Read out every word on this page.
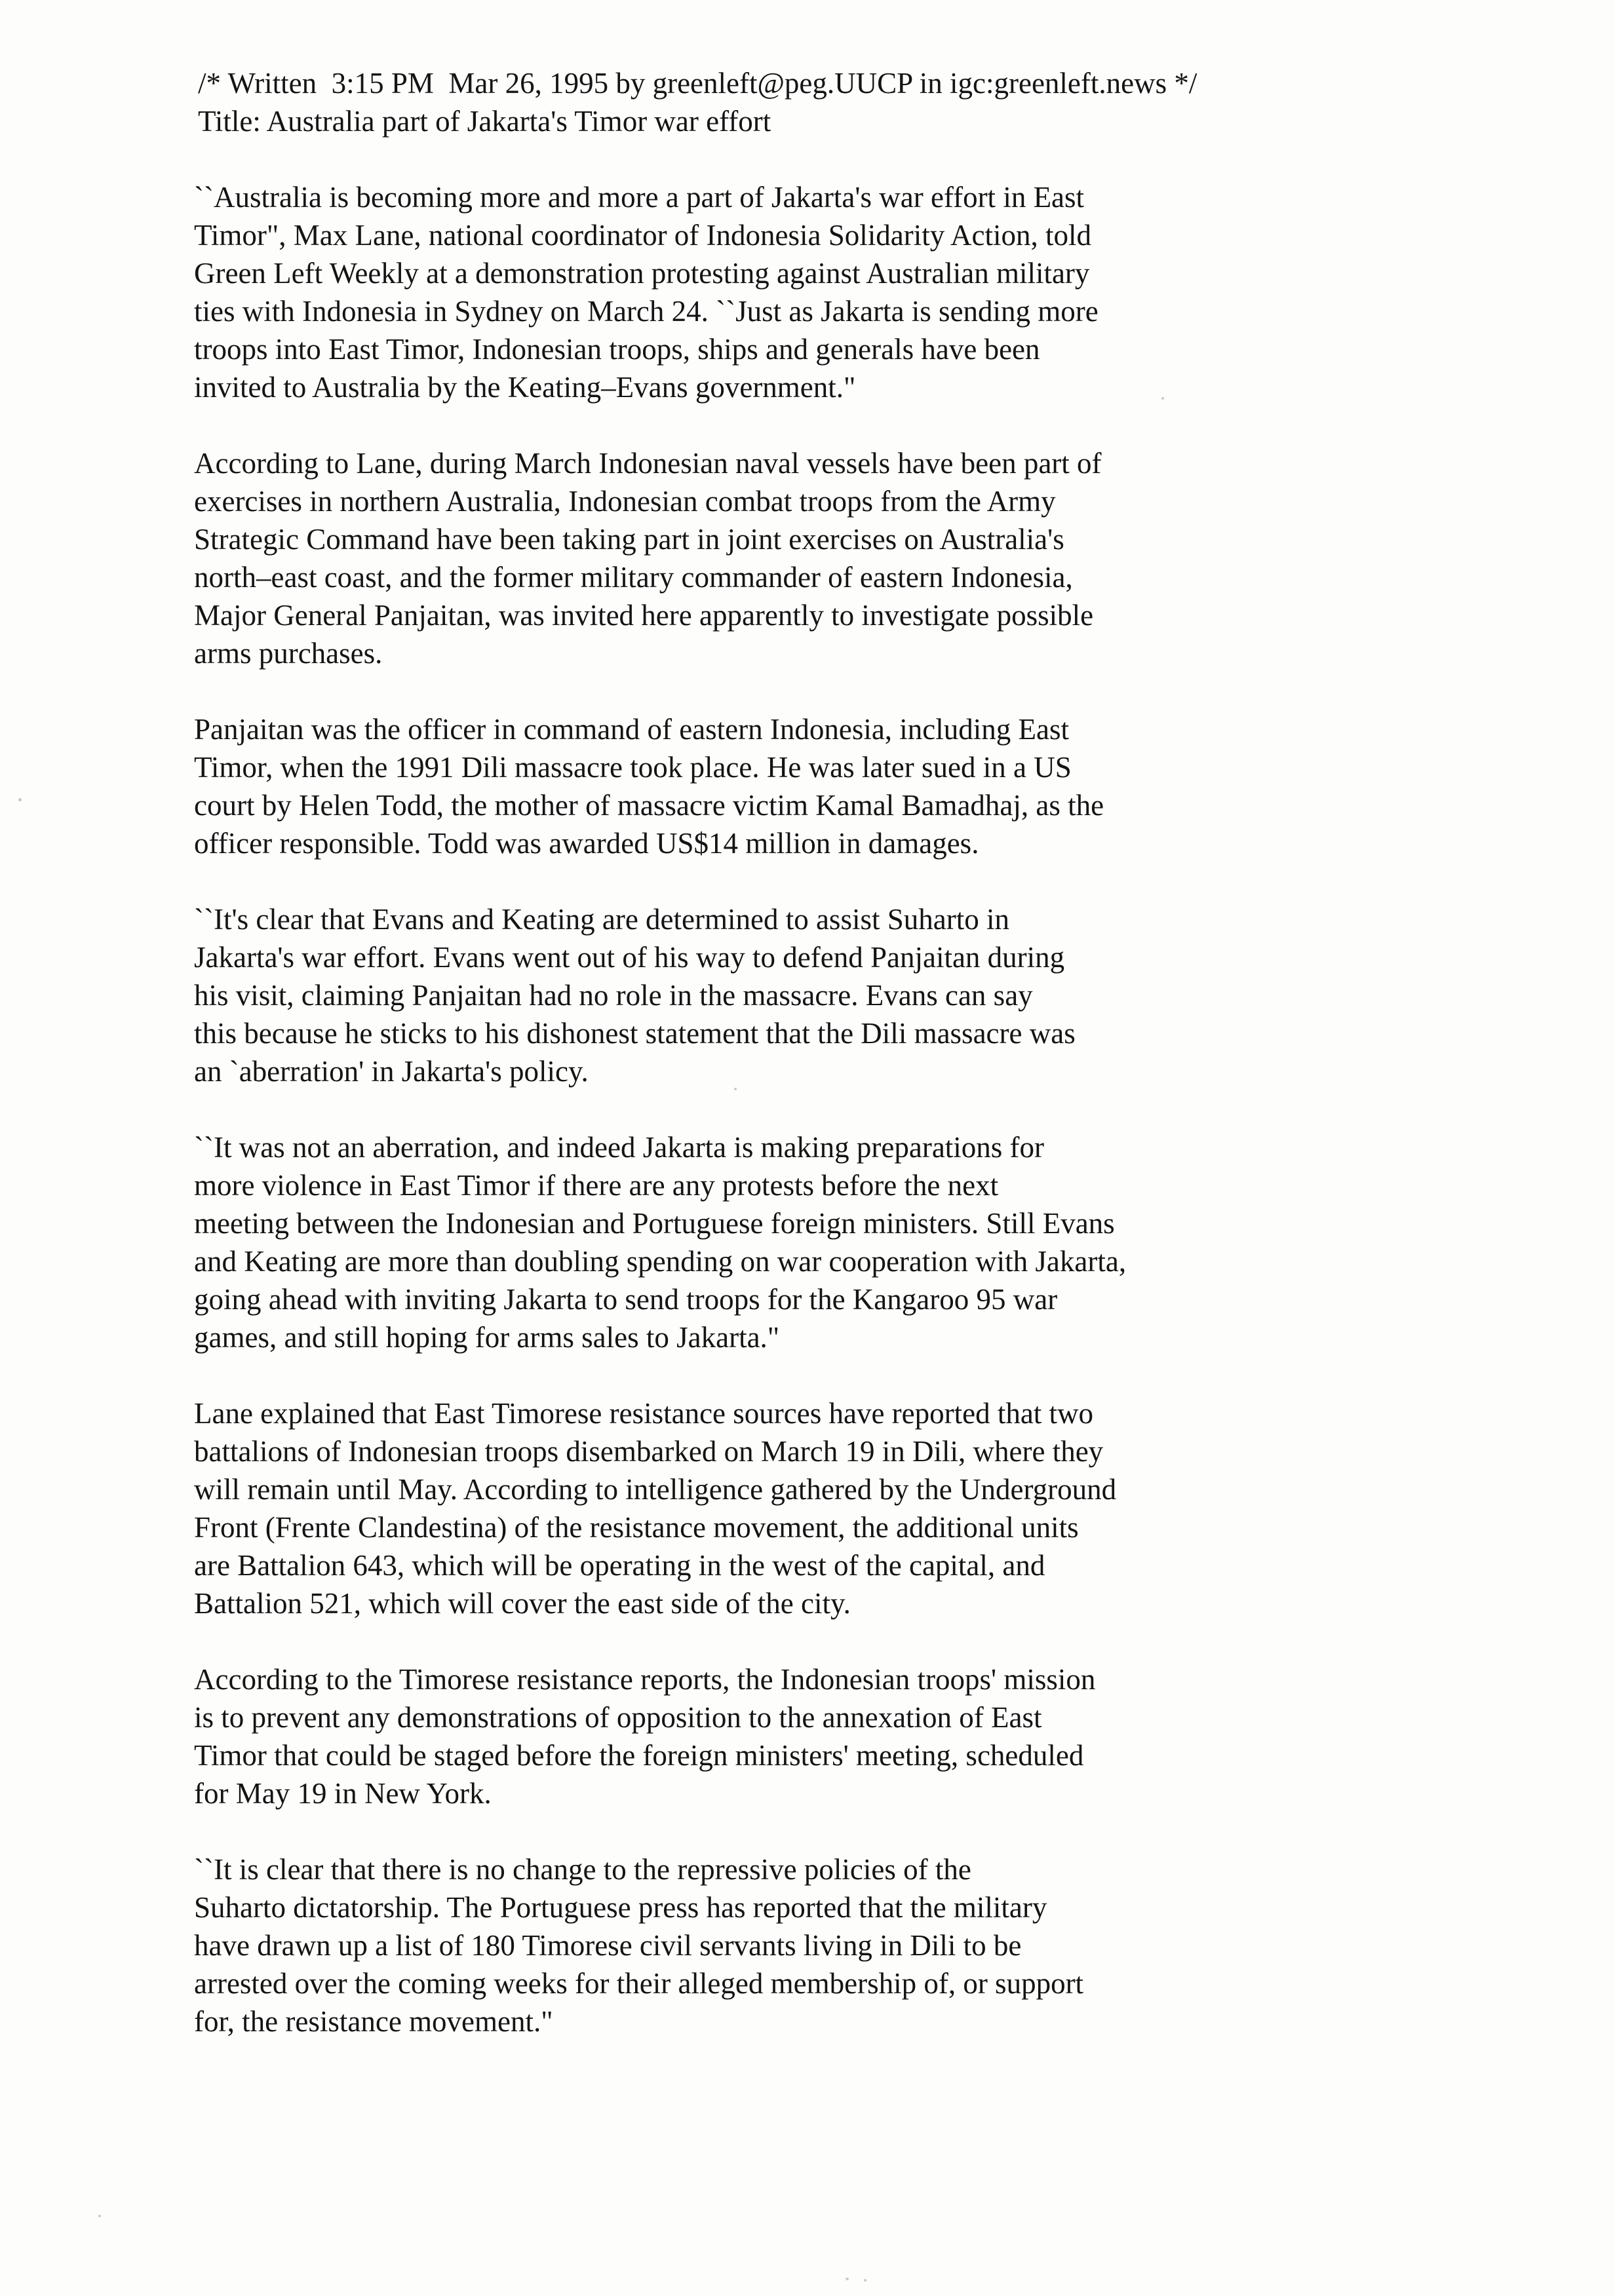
/* Written  3:15 PM  Mar 26, 1995 by greenleft@peg.UUCP in igc:greenleft.news */
Title: Australia part of Jakarta's Timor war effort

``Australia is becoming more and more a part of Jakarta's war effort in East
Timor", Max Lane, national coordinator of Indonesia Solidarity Action, told
Green Left Weekly at a demonstration protesting against Australian military
ties with Indonesia in Sydney on March 24. ``Just as Jakarta is sending more
troops into East Timor, Indonesian troops, ships and generals have been
invited to Australia by the Keating–Evans government."

According to Lane, during March Indonesian naval vessels have been part of
exercises in northern Australia, Indonesian combat troops from the Army
Strategic Command have been taking part in joint exercises on Australia's
north–east coast, and the former military commander of eastern Indonesia,
Major General Panjaitan, was invited here apparently to investigate possible
arms purchases.

Panjaitan was the officer in command of eastern Indonesia, including East
Timor, when the 1991 Dili massacre took place. He was later sued in a US
court by Helen Todd, the mother of massacre victim Kamal Bamadhaj, as the
officer responsible. Todd was awarded US$14 million in damages.

``It's clear that Evans and Keating are determined to assist Suharto in
Jakarta's war effort. Evans went out of his way to defend Panjaitan during
his visit, claiming Panjaitan had no role in the massacre. Evans can say
this because he sticks to his dishonest statement that the Dili massacre was
an `aberration' in Jakarta's policy.

``It was not an aberration, and indeed Jakarta is making preparations for
more violence in East Timor if there are any protests before the next
meeting between the Indonesian and Portuguese foreign ministers. Still Evans
and Keating are more than doubling spending on war cooperation with Jakarta,
going ahead with inviting Jakarta to send troops for the Kangaroo 95 war
games, and still hoping for arms sales to Jakarta."

Lane explained that East Timorese resistance sources have reported that two
battalions of Indonesian troops disembarked on March 19 in Dili, where they
will remain until May. According to intelligence gathered by the Underground
Front (Frente Clandestina) of the resistance movement, the additional units
are Battalion 643, which will be operating in the west of the capital, and
Battalion 521, which will cover the east side of the city.

According to the Timorese resistance reports, the Indonesian troops' mission
is to prevent any demonstrations of opposition to the annexation of East
Timor that could be staged before the foreign ministers' meeting, scheduled
for May 19 in New York.

``It is clear that there is no change to the repressive policies of the
Suharto dictatorship. The Portuguese press has reported that the military
have drawn up a list of 180 Timorese civil servants living in Dili to be
arrested over the coming weeks for their alleged membership of, or support
for, the resistance movement."
